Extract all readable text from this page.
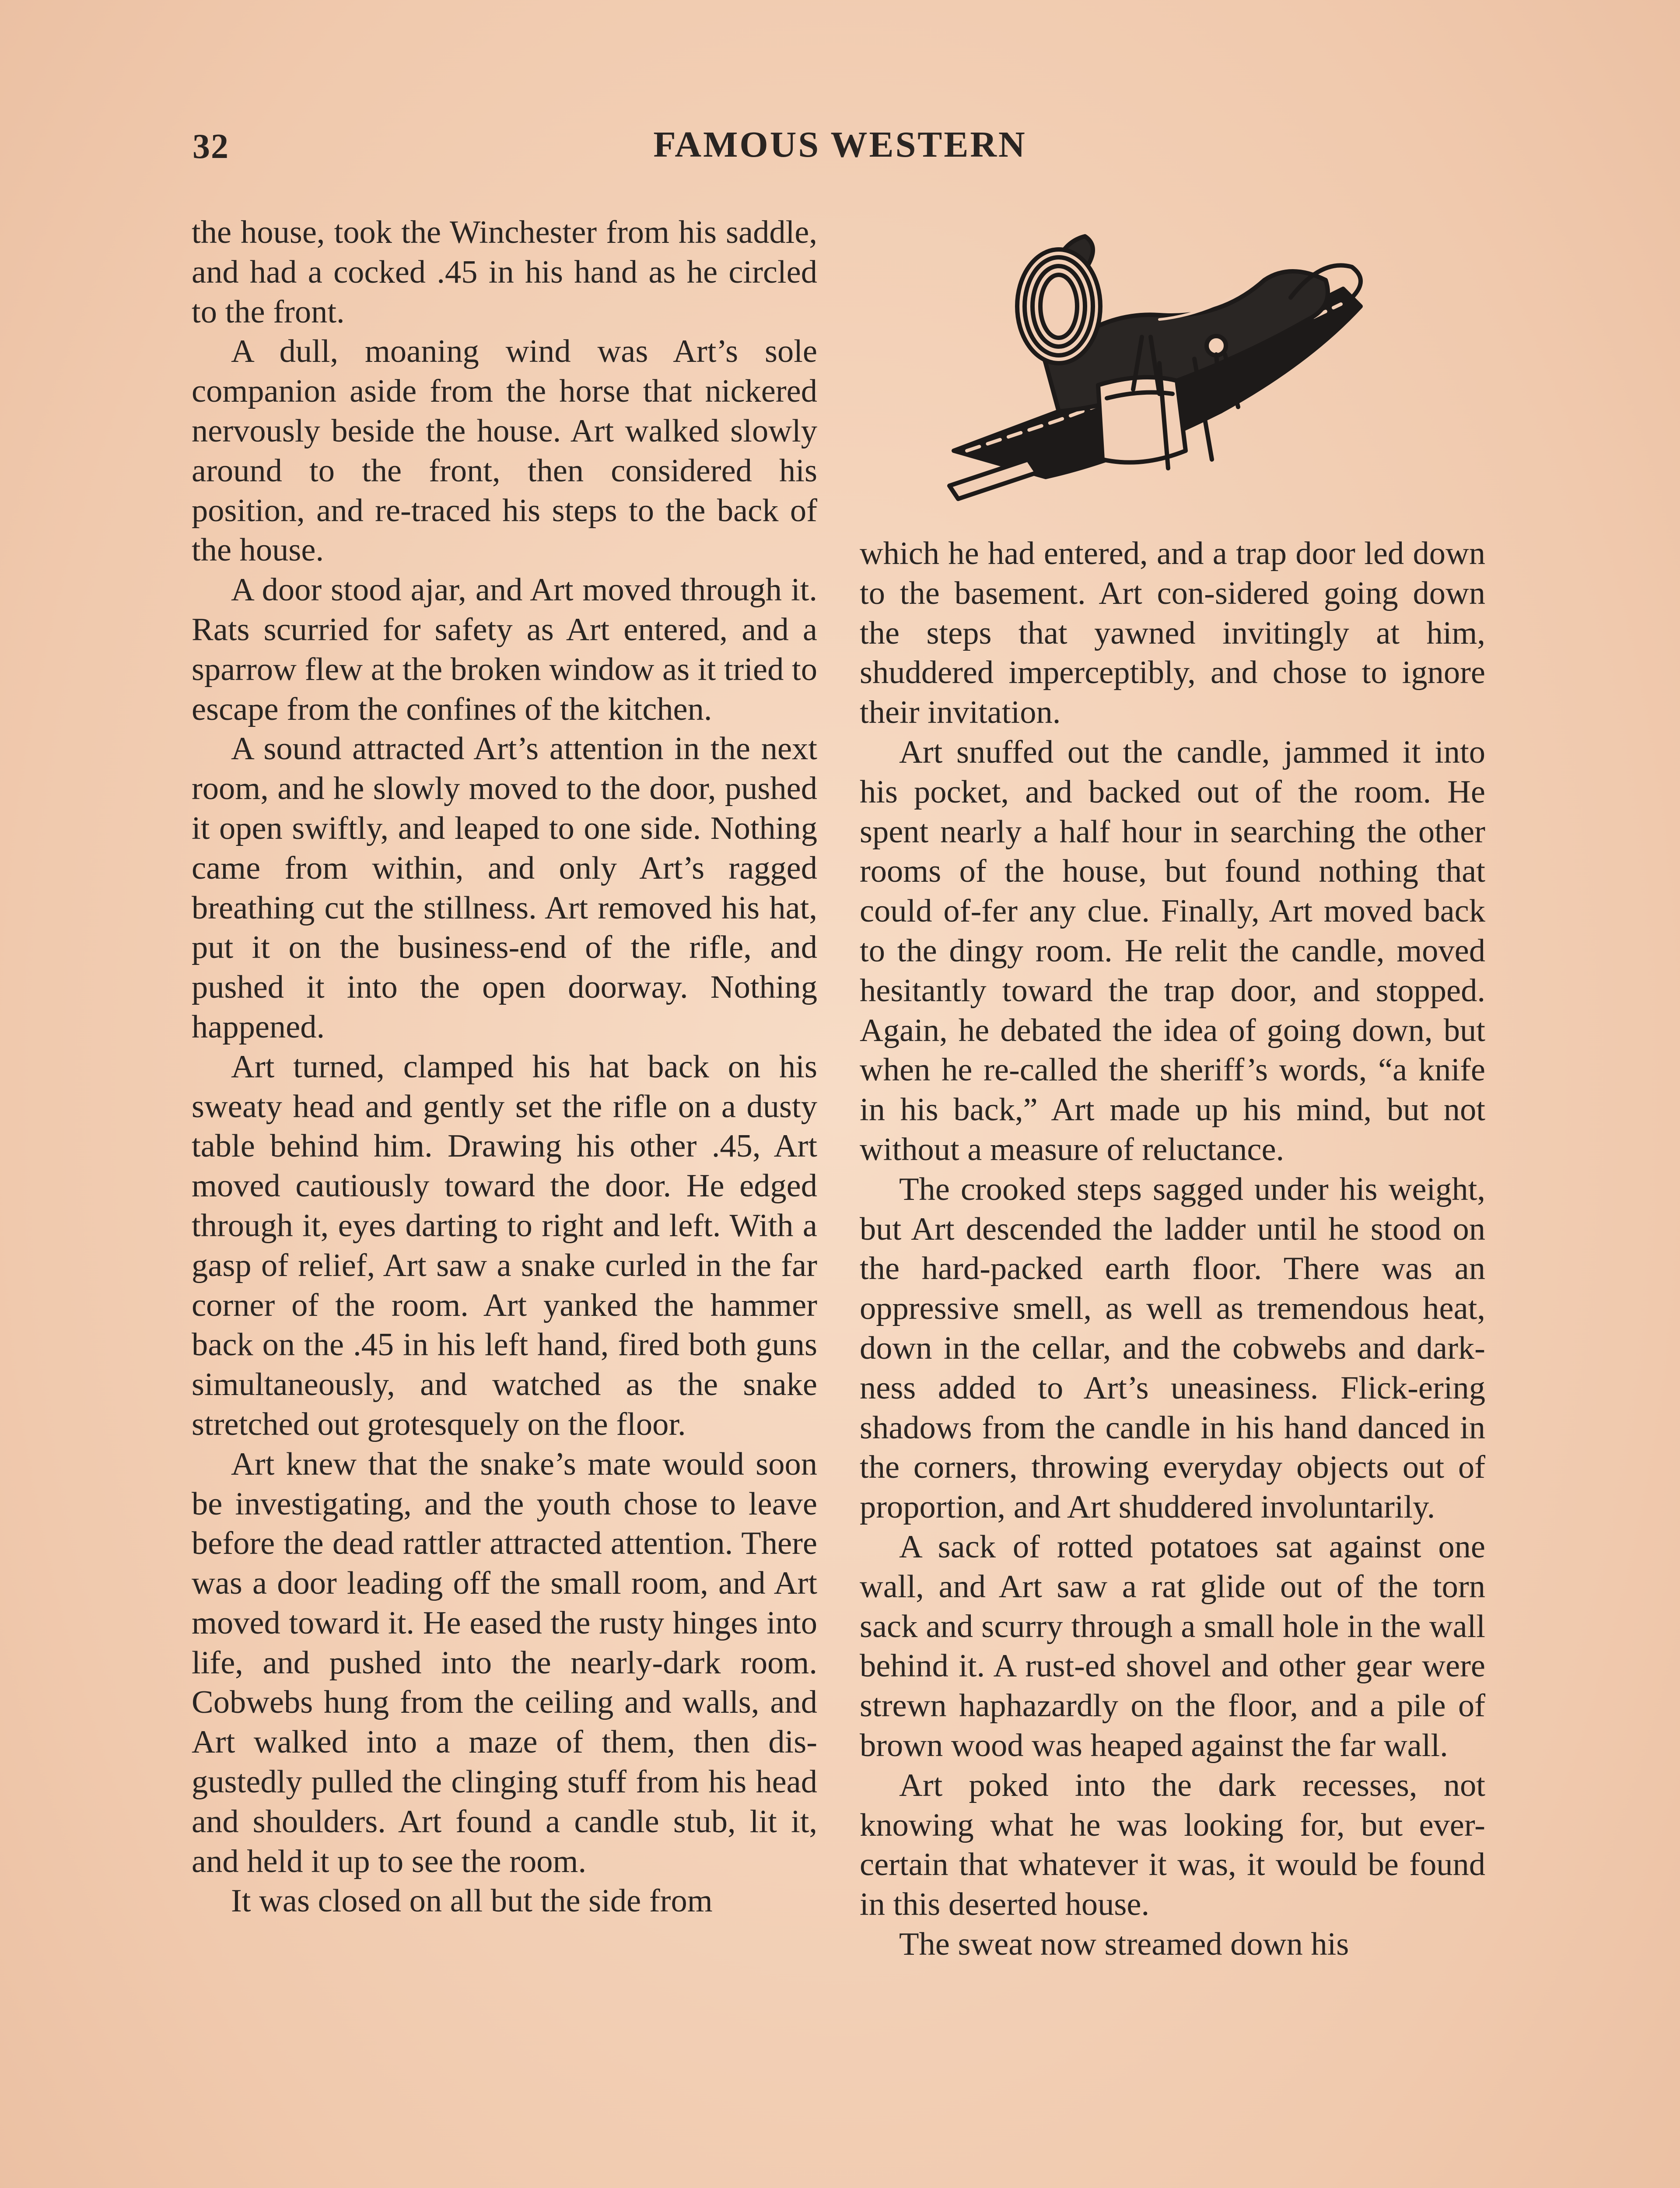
32	FAMOUS WESTERN

the house, took the Winchester from his saddle, and had a cocked .45 in his hand as he circled to the front.

A dull, moaning wind was Art’s sole companion aside from the horse that nickered nervously beside the house. Art walked slowly around to the front, then considered his position, and re-traced his steps to the back of the house.

A door stood ajar, and Art moved through it. Rats scurried for safety as Art entered, and a sparrow flew at the broken window as it tried to escape from the confines of the kitchen.

A sound attracted Art’s attention in the next room, and he slowly moved to the door, pushed it open swiftly, and leaped to one side. Nothing came from within, and only Art’s ragged breathing cut the stillness. Art removed his hat, put it on the business-end of the rifle, and pushed it into the open doorway. Nothing happened.

Art turned, clamped his hat back on his sweaty head and gently set the rifle on a dusty table behind him. Drawing his other .45, Art moved cautiously toward the door. He edged through it, eyes darting to right and left. With a gasp of relief, Art saw a snake curled in the far corner of the room. Art yanked the hammer back on the .45 in his left hand, fired both guns simultaneously, and watched as the snake stretched out grotesquely on the floor.

Art knew that the snake’s mate would soon be investigating, and the youth chose to leave before the dead rattler attracted attention. There was a door leading off the small room, and Art moved toward it. He eased the rusty hinges into life, and pushed into the nearly-dark room. Cobwebs hung from the ceiling and walls, and Art walked into a maze of them, then dis-gustedly pulled the clinging stuff from his head and shoulders. Art found a candle stub, lit it, and held it up to see the room.

It was closed on all but the side from

which he had entered, and a trap door led down to the basement. Art con-sidered going down the steps that yawned invitingly at him, shuddered imperceptibly, and chose to ignore their invitation.

Art snuffed out the candle, jammed it into his pocket, and backed out of the room. He spent nearly a half hour in searching the other rooms of the house, but found nothing that could of-fer any clue. Finally, Art moved back to the dingy room. He relit the candle, moved hesitantly toward the trap door, and stopped. Again, he debated the idea of going down, but when he re-called the sheriff’s words, “a knife in his back,” Art made up his mind, but not without a measure of reluctance.

The crooked steps sagged under his weight, but Art descended the ladder until he stood on the hard-packed earth floor. There was an oppressive smell, as well as tremendous heat, down in the cellar, and the cobwebs and dark-ness added to Art’s uneasiness. Flick-ering shadows from the candle in his hand danced in the corners, throwing everyday objects out of proportion, and Art shuddered involuntarily.

A sack of rotted potatoes sat against one wall, and Art saw a rat glide out of the torn sack and scurry through a small hole in the wall behind it. A rust-ed shovel and other gear were strewn haphazardly on the floor, and a pile of brown wood was heaped against the far wall.

Art poked into the dark recesses, not knowing what he was looking for, but ever-certain that whatever it was, it would be found in this deserted house.

The sweat now streamed down his
